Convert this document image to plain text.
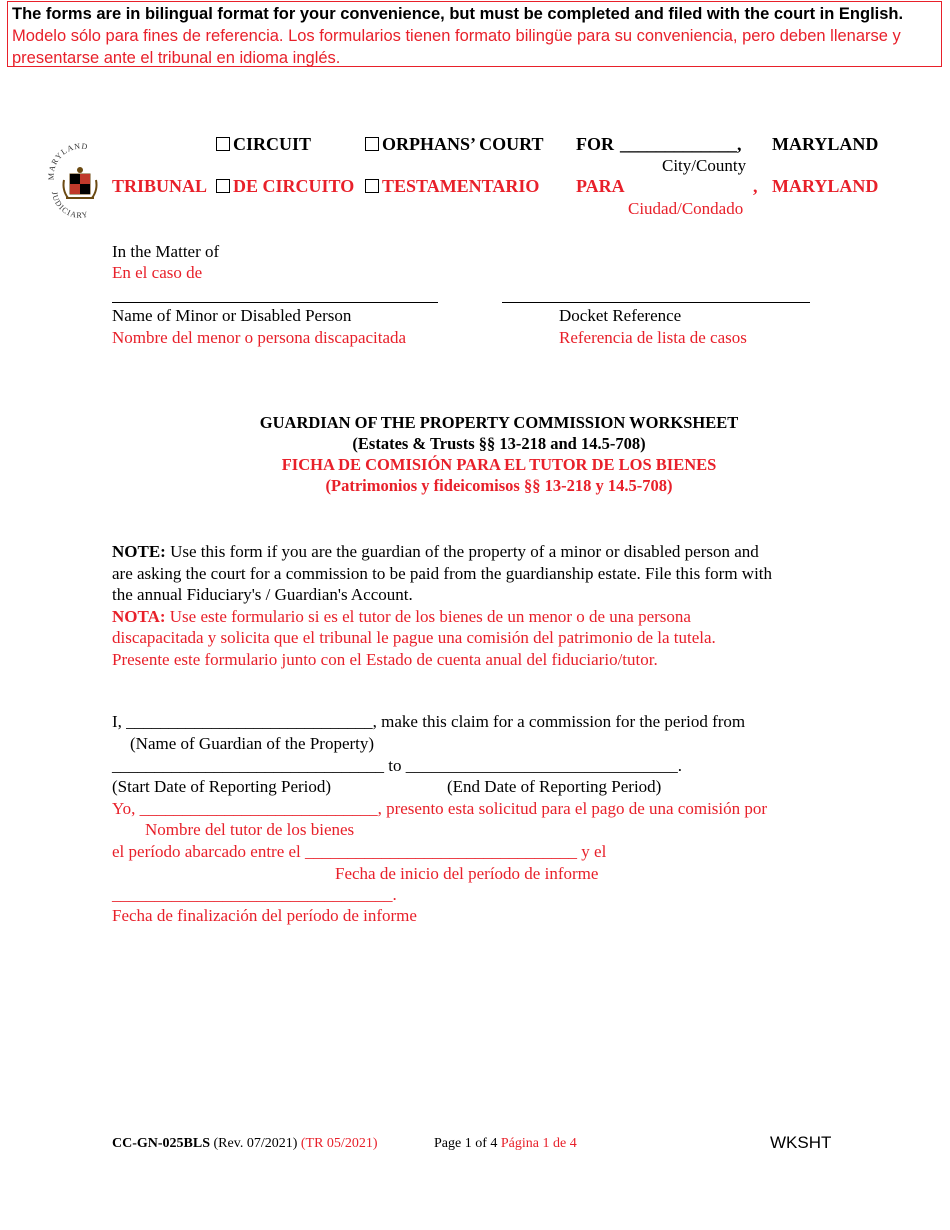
The forms are in bilingual format for your convenience, but must be completed and filed with the court in English.
Modelo sólo para fines de referencia. Los formularios tienen formato bilingüe para su conveniencia, pero deben llenarse y
presentarse ante el tribunal en idioma inglés.
MARYLAND
JUDICIARY
CIRCUIT	ORPHANS’ COURT FOR _____________, MARYLAND
City/County
TRIBUNAL	DE CIRCUITO	TESTAMENTARIO PARA	, MARYLAND
Ciudad/Condado
In the Matter of
En el caso de
Name of Minor or Disabled Person
Nombre del menor o persona discapacitada
Docket Reference
Referencia de lista de casos
GUARDIAN OF THE PROPERTY COMMISSION WORKSHEET
(Estates & Trusts §§ 13-218 and 14.5-708)
FICHA DE COMISIÓN PARA EL TUTOR DE LOS BIENES
(Patrimonios y fideicomisos §§ 13-218 y 14.5-708)
NOTE: Use this form if you are the guardian of the property of a minor or disabled person and
are asking the court for a commission to be paid from the guardianship estate. File this form with
the annual Fiduciary's / Guardian's Account.
NOTA: Use este formulario si es el tutor de los bienes de un menor o de una persona
discapacitada y solicita que el tribunal le pague una comisión del patrimonio de la tutela.
Presente este formulario junto con el Estado de cuenta anual del fiduciario/tutor.
I, _____________________________, make this claim for a commission for the period from
(Name of Guardian of the Property)
________________________________ to ________________________________.
(Start Date of Reporting Period)	(End Date of Reporting Period)
Yo, ____________________________, presento esta solicitud para el pago de una comisión por
Nombre del tutor de los bienes
el período abarcado entre el ________________________________ y el
Fecha de inicio del período de informe
_________________________________.
Fecha de finalización del período de informe
CC-GN-025BLS (Rev. 07/2021) (TR 05/2021)	Page 1 of 4 Página 1 de 4	WKSHT
